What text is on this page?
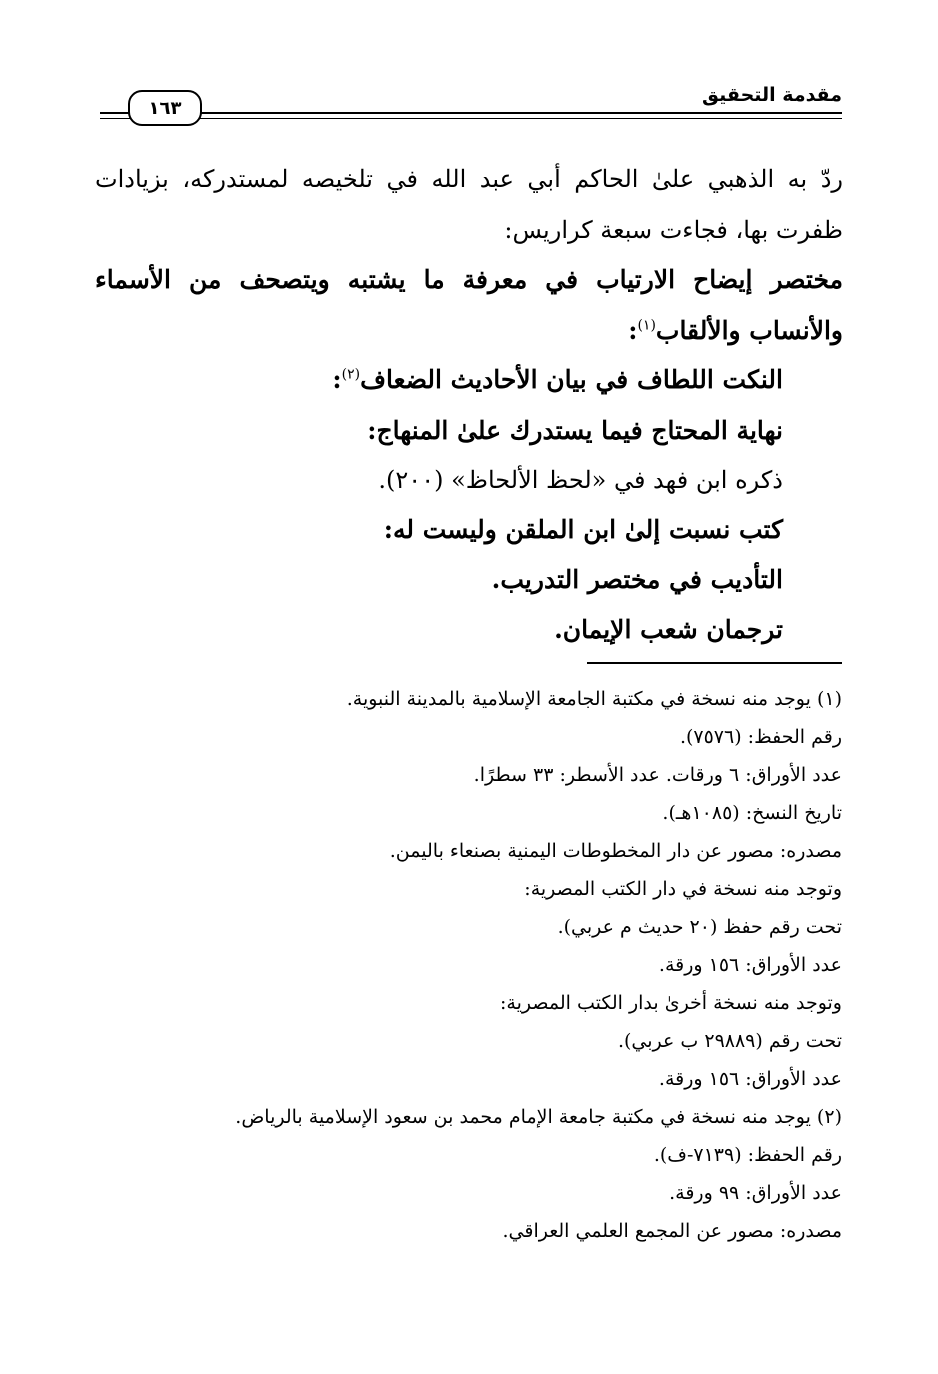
مقدمة التحقيق
١٦٣
ردّ به الذهبي علىٰ الحاكم أبي عبد الله في تلخيصه لمستدركه، بزيادات
ظفرت بها، فجاءت سبعة كراريس:
مختصر إيضاح الارتياب في معرفة ما يشتبه ويتصحف من الأسماء
والأنساب والألقاب$^{(١)}$:
النكت اللطاف في بيان الأحاديث الضعاف$^{(٢)}$:
نهاية المحتاج فيما يستدرك علىٰ المنهاج:
ذكره ابن فهد في «لحظ الألحاظ» (٢٠٠).
كتب نسبت إلىٰ ابن الملقن وليست له:
التأديب في مختصر التدريب.
ترجمان شعب الإيمان.
(١) يوجد منه نسخة في مكتبة الجامعة الإسلامية بالمدينة النبوية.
رقم الحفظ: (٧٥٧٦).
عدد الأوراق: ٦ ورقات. عدد الأسطر: ٣٣ سطرًا.
تاريخ النسخ: (١٠٨٥هـ).
مصدره: مصور عن دار المخطوطات اليمنية بصنعاء باليمن.
وتوجد منه نسخة في دار الكتب المصرية:
تحت رقم حفظ (٢٠ حديث م عربي).
عدد الأوراق: ١٥٦ ورقة.
وتوجد منه نسخة أخرىٰ بدار الكتب المصرية:
تحت رقم (٢٩٨٨٩ ب عربي).
عدد الأوراق: ١٥٦ ورقة.
(٢) يوجد منه نسخة في مكتبة جامعة الإمام محمد بن سعود الإسلامية بالرياض.
رقم الحفظ: (٧١٣٩-ف).
عدد الأوراق: ٩٩ ورقة.
مصدره: مصور عن المجمع العلمي العراقي.
